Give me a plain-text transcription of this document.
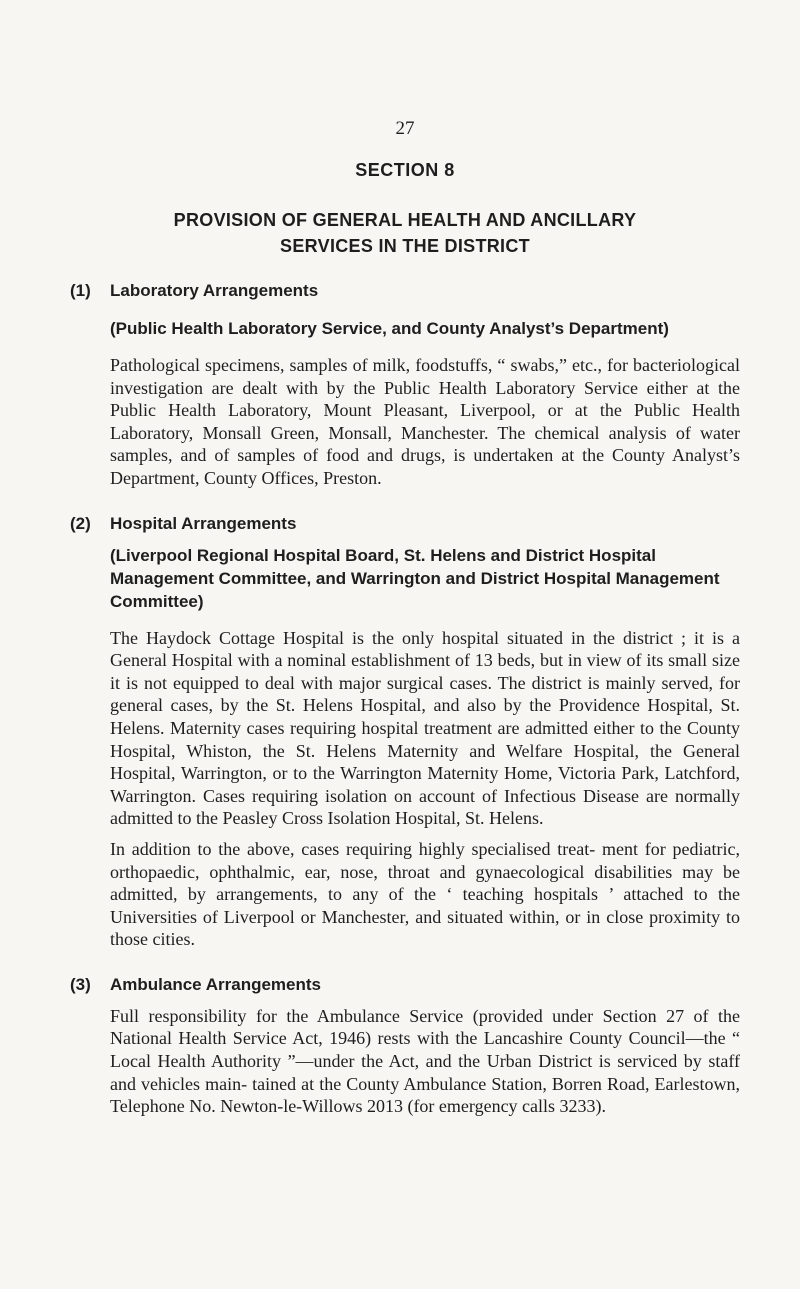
27
SECTION 8
PROVISION OF GENERAL HEALTH AND ANCILLARY
SERVICES IN THE DISTRICT
(1)	Laboratory Arrangements
(Public Health Laboratory Service, and County Analyst’s Department)

Pathological specimens, samples of milk, foodstuffs, “ swabs,” etc., for bacteriological investigation are dealt with by the Public Health Laboratory Service either at the Public Health Laboratory, Mount Pleasant, Liverpool, or at the Public Health Laboratory, Monsall Green, Monsall, Manchester. The chemical analysis of water samples, and of samples of food and drugs, is undertaken at the County Analyst’s Department, County Offices, Preston.

(2)	Hospital Arrangements
(Liverpool Regional Hospital Board, St. Helens and District Hospital Management Committee, and Warrington and District Hospital Management Committee)

The Haydock Cottage Hospital is the only hospital situated in the district ; it is a General Hospital with a nominal establishment of 13 beds, but in view of its small size it is not equipped to deal with major surgical cases. The district is mainly served, for general cases, by the St. Helens Hospital, and also by the Providence Hospital, St. Helens. Maternity cases requiring hospital treatment are admitted either to the County Hospital, Whiston, the St. Helens Maternity and Welfare Hospital, the General Hospital, Warrington, or to the Warrington Maternity Home, Victoria Park, Latchford, Warrington. Cases requiring isolation on account of Infectious Disease are normally admitted to the Peasley Cross Isolation Hospital, St. Helens.

In addition to the above, cases requiring highly specialised treat- ment for pediatric, orthopaedic, ophthalmic, ear, nose, throat and gynaecological disabilities may be admitted, by arrangements, to any of the ‘ teaching hospitals ’ attached to the Universities of Liverpool or Manchester, and situated within, or in close proximity to those cities.

(3)	Ambulance Arrangements

Full responsibility for the Ambulance Service (provided under Section 27 of the National Health Service Act, 1946) rests with the Lancashire County Council—the “ Local Health Authority ”—under the Act, and the Urban District is serviced by staff and vehicles main- tained at the County Ambulance Station, Borren Road, Earlestown, Telephone No. Newton-le-Willows 2013 (for emergency calls 3233).
